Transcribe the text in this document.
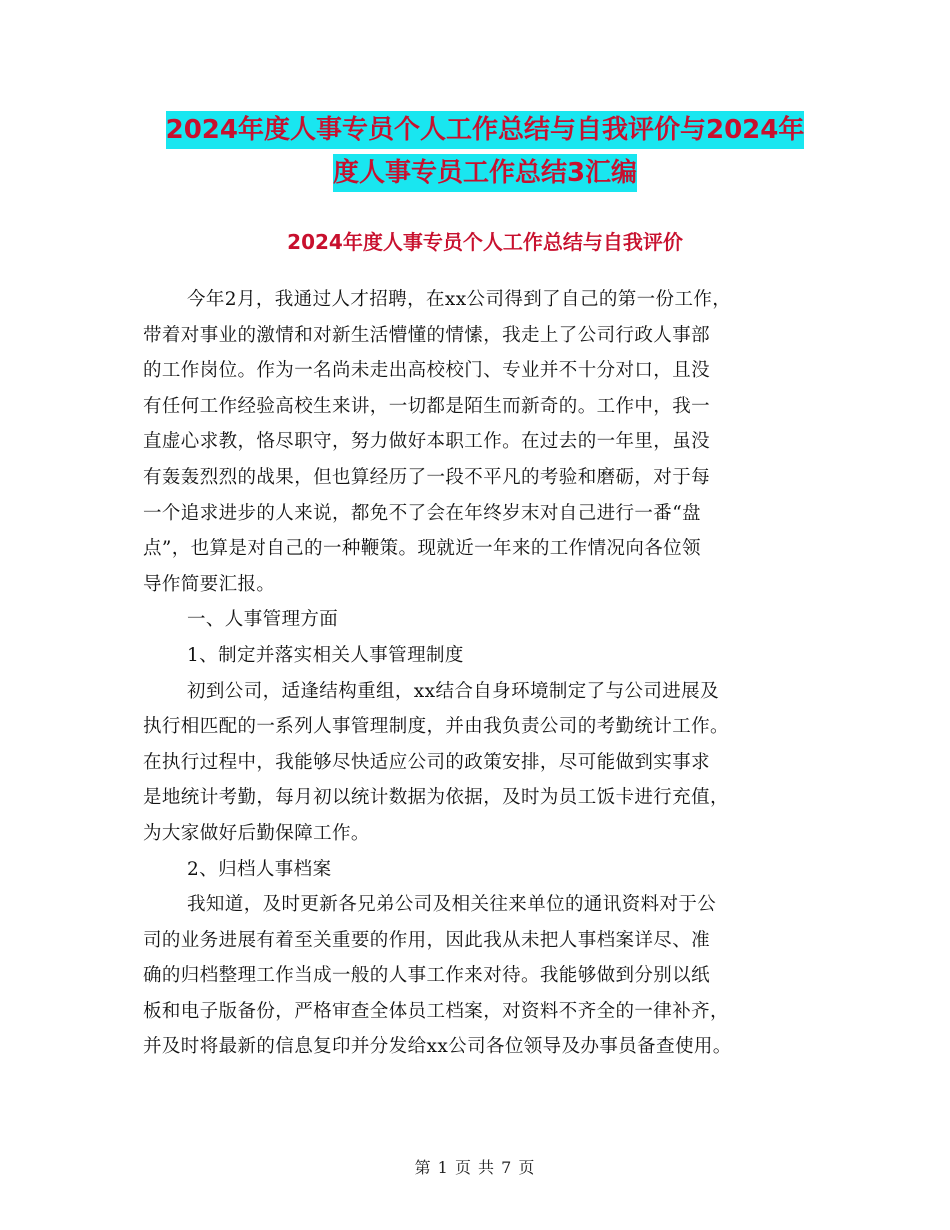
2024年度人事专员个人工作总结与自我评价与2024年
度人事专员工作总结3汇编
2024年度人事专员个人工作总结与自我评价
今年2月，我通过人才招聘，在xx公司得到了自己的第一份工作，
带着对事业的激情和对新生活懵懂的情愫，我走上了公司行政人事部
的工作岗位。作为一名尚未走出高校校门、专业并不十分对口，且没
有任何工作经验高校生来讲，一切都是陌生而新奇的。工作中，我一
直虚心求教，恪尽职守，努力做好本职工作。在过去的一年里，虽没
有轰轰烈烈的战果，但也算经历了一段不平凡的考验和磨砺，对于每
一个追求进步的人来说，都免不了会在年终岁末对自己进行一番“盘
点”，也算是对自己的一种鞭策。现就近一年来的工作情况向各位领
导作简要汇报。
一、人事管理方面
1、制定并落实相关人事管理制度
初到公司，适逢结构重组，xx结合自身环境制定了与公司进展及
执行相匹配的一系列人事管理制度，并由我负责公司的考勤统计工作。
在执行过程中，我能够尽快适应公司的政策安排，尽可能做到实事求
是地统计考勤，每月初以统计数据为依据，及时为员工饭卡进行充值，
为大家做好后勤保障工作。
2、归档人事档案
我知道，及时更新各兄弟公司及相关往来单位的通讯资料对于公
司的业务进展有着至关重要的作用，因此我从未把人事档案详尽、准
确的归档整理工作当成一般的人事工作来对待。我能够做到分别以纸
板和电子版备份，严格审查全体员工档案，对资料不齐全的一律补齐，
并及时将最新的信息复印并分发给xx公司各位领导及办事员备查使用。
第 1 页 共 7 页
